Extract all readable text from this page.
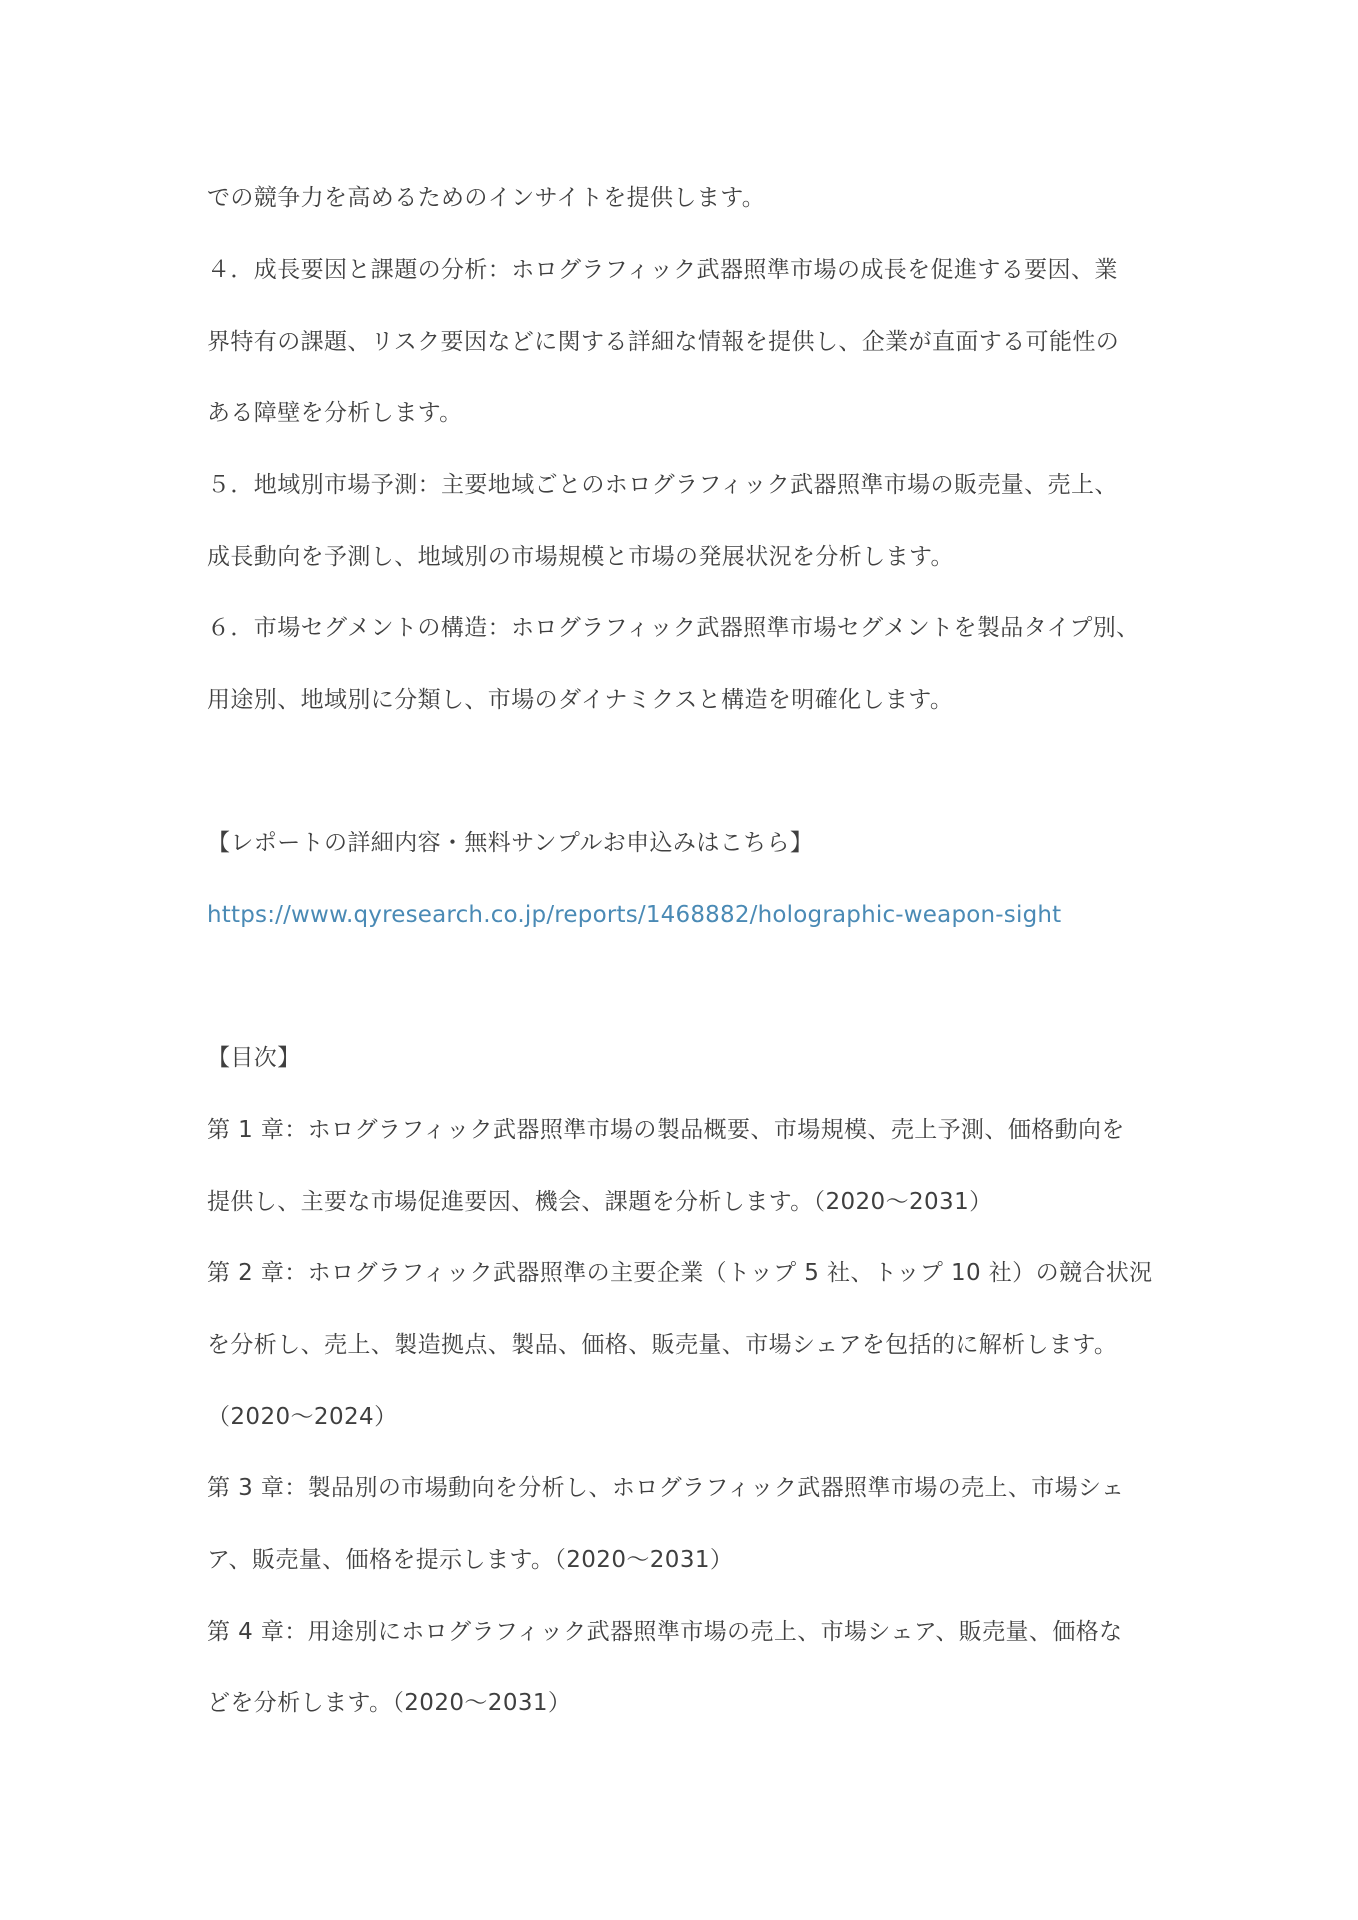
での競争力を高めるためのインサイトを提供します。
４．成長要因と課題の分析：ホログラフィック武器照準市場の成長を促進する要因、業
界特有の課題、リスク要因などに関する詳細な情報を提供し、企業が直面する可能性の
ある障壁を分析します。
５．地域別市場予測：主要地域ごとのホログラフィック武器照準市場の販売量、売上、
成長動向を予測し、地域別の市場規模と市場の発展状況を分析します。
６．市場セグメントの構造：ホログラフィック武器照準市場セグメントを製品タイプ別、
用途別、地域別に分類し、市場のダイナミクスと構造を明確化します。
【レポートの詳細内容・無料サンプルお申込みはこちら】
https://www.qyresearch.co.jp/reports/1468882/holographic-weapon-sight
【目次】
第 1 章：ホログラフィック武器照準市場の製品概要、市場規模、売上予測、価格動向を
提供し、主要な市場促進要因、機会、課題を分析します。（2020～2031）
第 2 章：ホログラフィック武器照準の主要企業（トップ 5 社、トップ 10 社）の競合状況
を分析し、売上、製造拠点、製品、価格、販売量、市場シェアを包括的に解析します。
（2020～2024）
第 3 章：製品別の市場動向を分析し、ホログラフィック武器照準市場の売上、市場シェ
ア、販売量、価格を提示します。（2020～2031）
第 4 章：用途別にホログラフィック武器照準市場の売上、市場シェア、販売量、価格な
どを分析します。（2020～2031）
